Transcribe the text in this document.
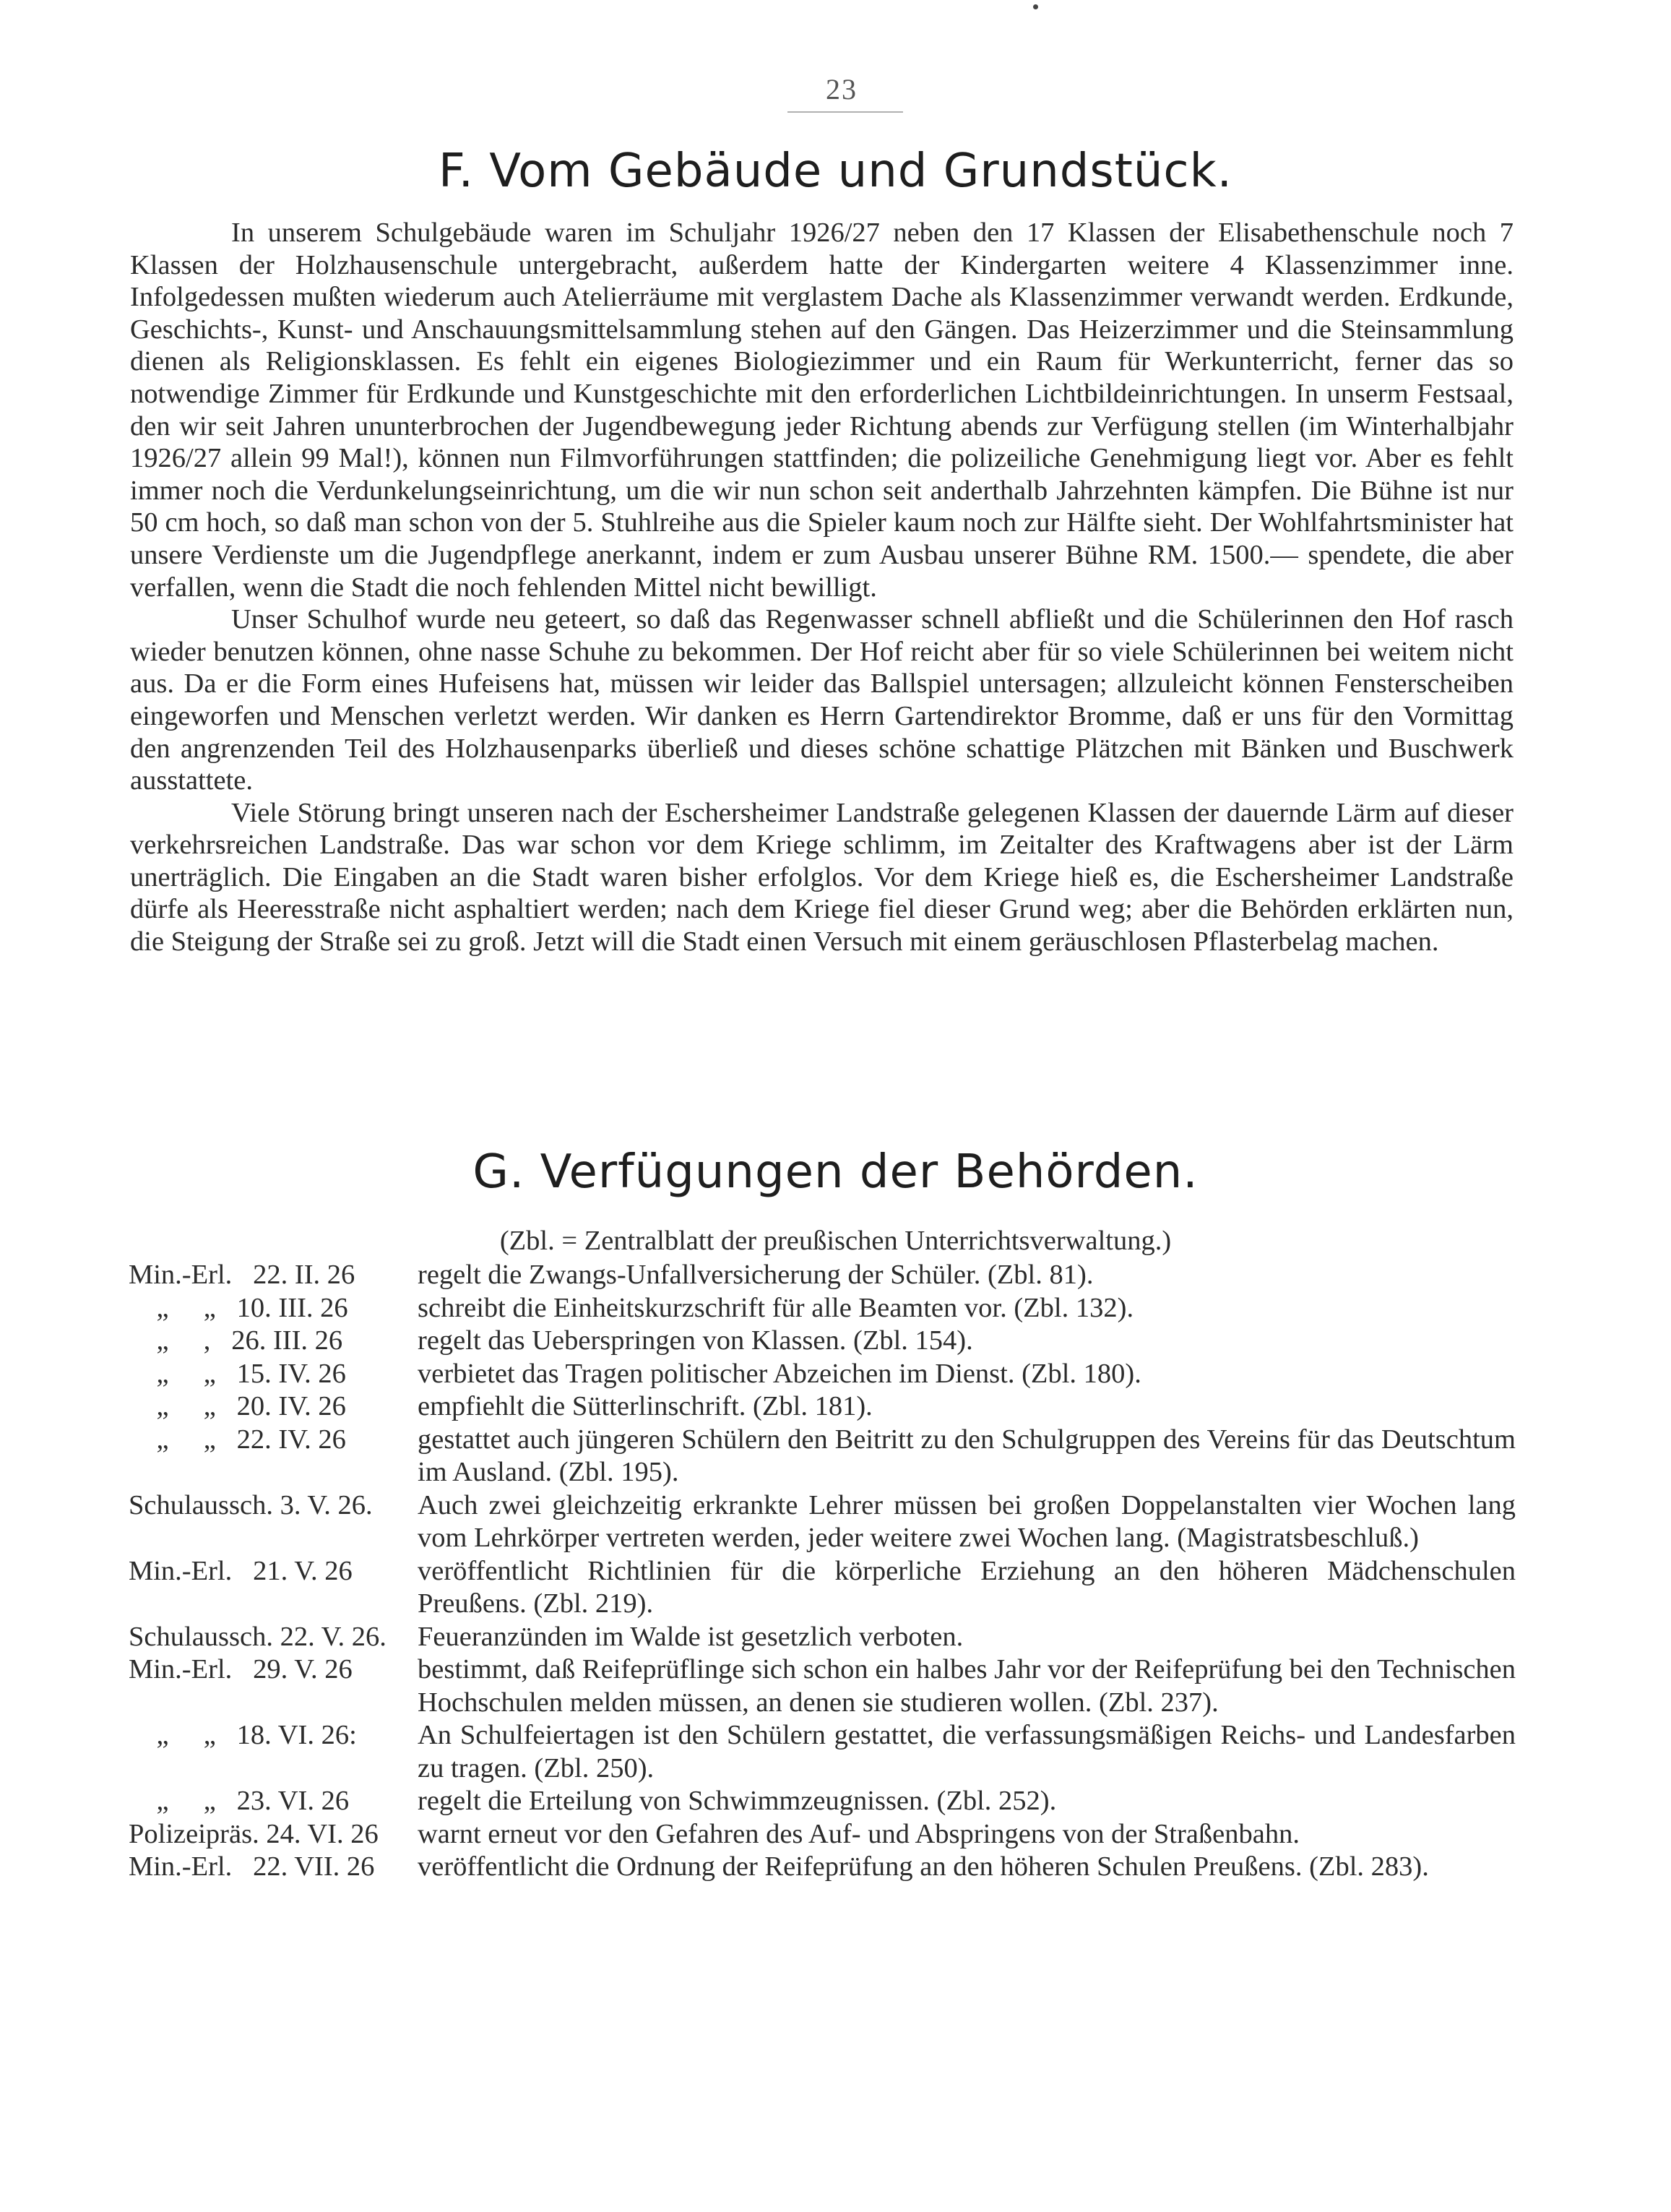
23
F. Vom Gebäude und Grundstück.

In unserem Schulgebäude waren im Schuljahr 1926/27 neben den 17 Klassen der Elisabethenschule noch 7 Klassen der Holzhausenschule untergebracht, außerdem hatte der Kindergarten weitere 4 Klassenzimmer inne. Infolgedessen mußten wiederum auch Atelierräume mit verglastem Dache als Klassenzimmer verwandt werden. Erdkunde, Geschichts-, Kunst- und Anschauungsmittelsammlung stehen auf den Gängen. Das Heizerzimmer und die Steinsammlung dienen als Religionsklassen. Es fehlt ein eigenes Biologiezimmer und ein Raum für Werkunterricht, ferner das so notwendige Zimmer für Erdkunde und Kunstgeschichte mit den erforderlichen Lichtbildeinrichtungen. In unserm Festsaal, den wir seit Jahren ununterbrochen der Jugendbewegung jeder Richtung abends zur Verfügung stellen (im Winterhalbjahr 1926/27 allein 99 Mal!), können nun Filmvorführungen stattfinden; die polizeiliche Genehmigung liegt vor. Aber es fehlt immer noch die Verdunkelungseinrichtung, um die wir nun schon seit anderthalb Jahrzehnten kämpfen. Die Bühne ist nur 50 cm hoch, so daß man schon von der 5. Stuhlreihe aus die Spieler kaum noch zur Hälfte sieht. Der Wohlfahrtsminister hat unsere Verdienste um die Jugendpflege anerkannt, indem er zum Ausbau unserer Bühne RM. 1500.— spendete, die aber verfallen, wenn die Stadt die noch fehlenden Mittel nicht bewilligt.

Unser Schulhof wurde neu geteert, so daß das Regenwasser schnell abfließt und die Schülerinnen den Hof rasch wieder benutzen können, ohne nasse Schuhe zu bekommen. Der Hof reicht aber für so viele Schülerinnen bei weitem nicht aus. Da er die Form eines Hufeisens hat, müssen wir leider das Ballspiel untersagen; allzuleicht können Fensterscheiben eingeworfen und Menschen verletzt werden. Wir danken es Herrn Gartendirektor Bromme, daß er uns für den Vormittag den angrenzenden Teil des Holzhausenparks überließ und dieses schöne schattige Plätzchen mit Bänken und Buschwerk ausstattete.

Viele Störung bringt unseren nach der Eschersheimer Landstraße gelegenen Klassen der dauernde Lärm auf dieser verkehrsreichen Landstraße. Das war schon vor dem Kriege schlimm, im Zeitalter des Kraftwagens aber ist der Lärm unerträglich. Die Eingaben an die Stadt waren bisher erfolglos. Vor dem Kriege hieß es, die Eschersheimer Landstraße dürfe als Heeresstraße nicht asphaltiert werden; nach dem Kriege fiel dieser Grund weg; aber die Behörden erklärten nun, die Steigung der Straße sei zu groß. Jetzt will die Stadt einen Versuch mit einem geräuschlosen Pflasterbelag machen.

G. Verfügungen der Behörden.
(Zbl. = Zentralblatt der preußischen Unterrichtsverwaltung.)
Min.-Erl.   22. II. 26	regelt die Zwangs-Unfallversicherung der Schüler. (Zbl. 81).
„     „   10. III. 26	schreibt die Einheitskurzschrift für alle Beamten vor. (Zbl. 132).
„     ,   26. III. 26	regelt das Ueberspringen von Klassen. (Zbl. 154).
„     „   15. IV. 26	verbietet das Tragen politischer Abzeichen im Dienst. (Zbl. 180).
„     „   20. IV. 26	empfiehlt die Sütterlinschrift. (Zbl. 181).
„     „   22. IV. 26	gestattet auch jüngeren Schülern den Beitritt zu den Schulgruppen des Vereins für das Deutschtum im Ausland. (Zbl. 195).
Schulaussch. 3. V. 26.	Auch zwei gleichzeitig erkrankte Lehrer müssen bei großen Doppelanstalten vier Wochen lang vom Lehrkörper vertreten werden, jeder weitere zwei Wochen lang. (Magistratsbeschluß.)
Min.-Erl.   21. V. 26	veröffentlicht Richtlinien für die körperliche Erziehung an den höheren Mädchenschulen Preußens. (Zbl. 219).
Schulaussch. 22. V. 26.	Feueranzünden im Walde ist gesetzlich verboten.
Min.-Erl.   29. V. 26	bestimmt, daß Reifeprüflinge sich schon ein halbes Jahr vor der Reifeprüfung bei den Technischen Hochschulen melden müssen, an denen sie studieren wollen. (Zbl. 237).
„     „   18. VI. 26:	An Schulfeiertagen ist den Schülern gestattet, die verfassungsmäßigen Reichs- und Landesfarben zu tragen. (Zbl. 250).
„     „   23. VI. 26	regelt die Erteilung von Schwimmzeugnissen. (Zbl. 252).
Polizeipräs. 24. VI. 26	warnt erneut vor den Gefahren des Auf- und Abspringens von der Straßenbahn.
Min.-Erl.   22. VII. 26	veröffentlicht die Ordnung der Reifeprüfung an den höheren Schulen Preußens. (Zbl. 283).
